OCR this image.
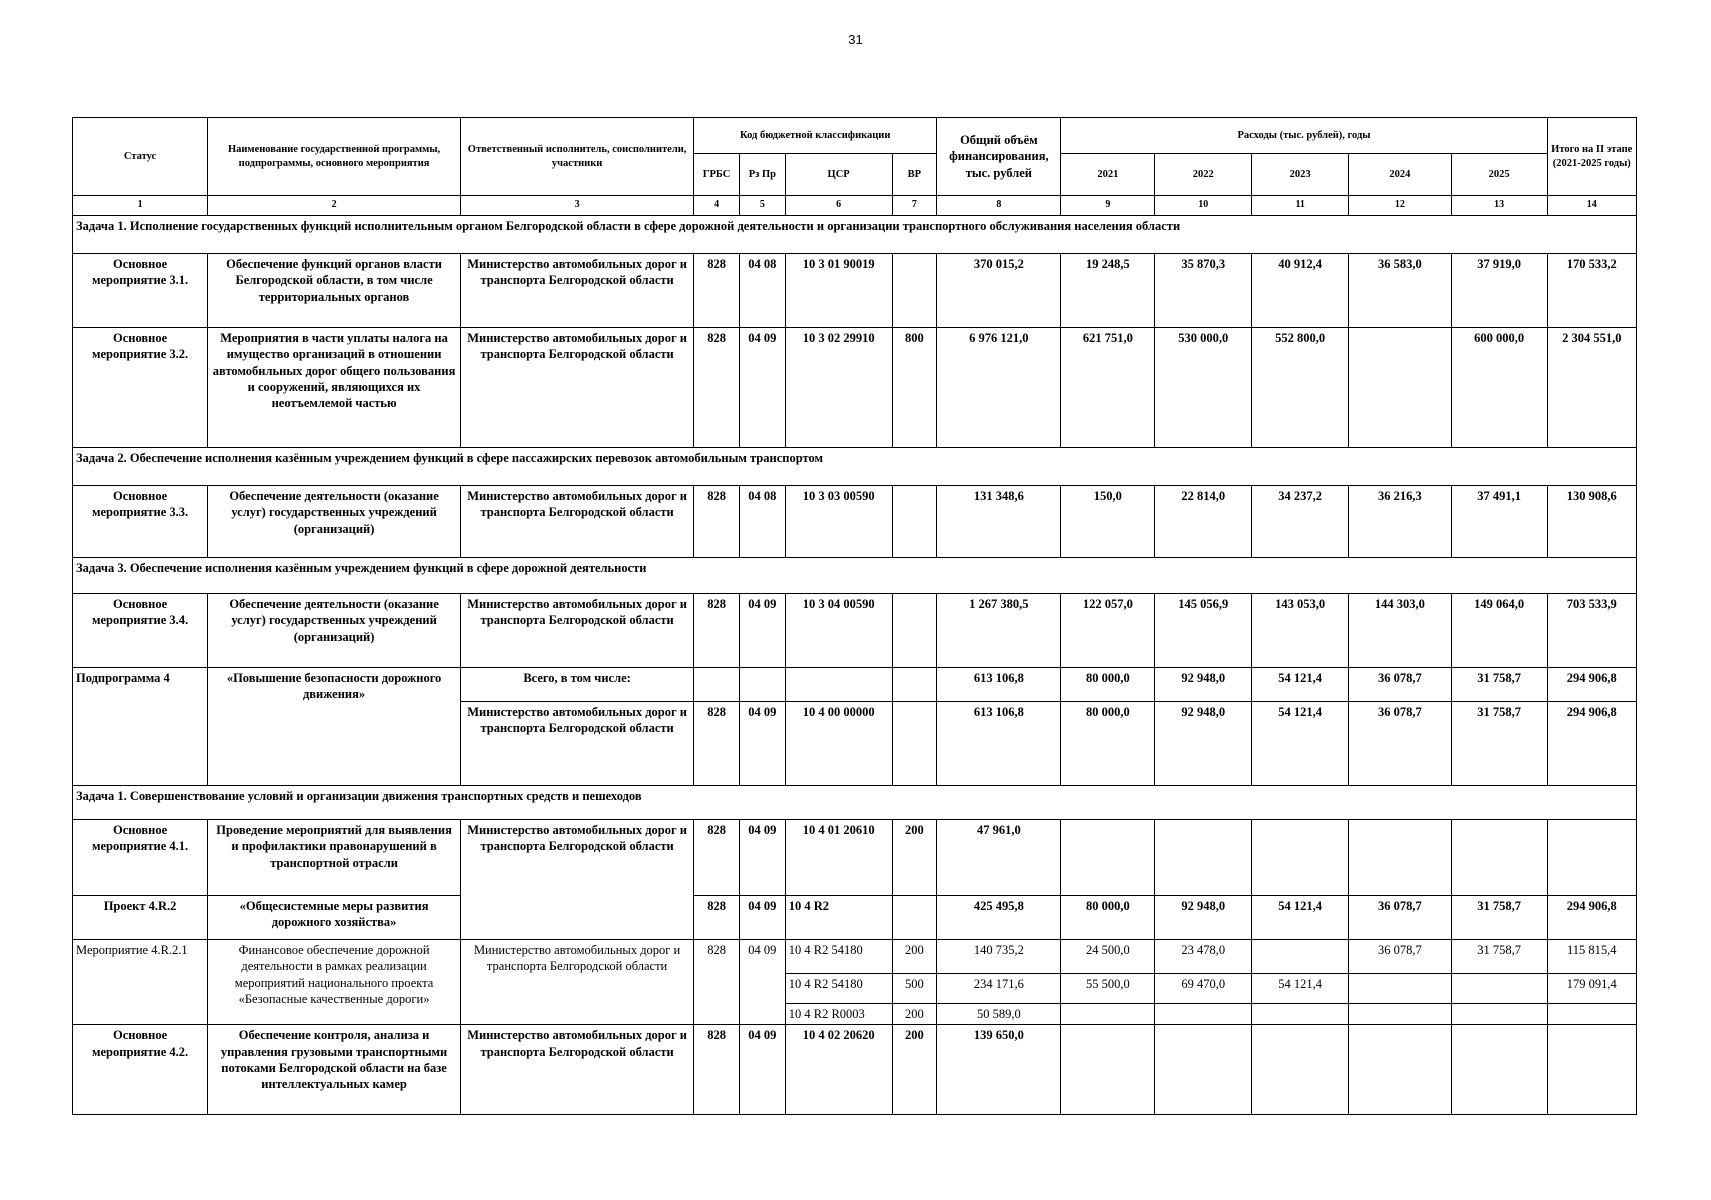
31
Статус	Наименование государственной программы, подпрограммы, основного мероприятия	Ответственный исполнитель, соисполнители, участники	Код бюджетной классификации				Общий объём финансирования, тыс. рублей	Расходы (тыс. рублей), годы					Итого на II этапе (2021-2025 годы)
			ГРБС	Рз Пр	ЦСР	ВР		2021	2022	2023	2024	2025	
1	2	3	4	5	6	7	8	9	10	11	12	13	14
Задача 1. Исполнение государственных функций исполнительным органом Белгородской области в сфере дорожной деятельности и организации транспортного обслуживания населения области													
Основное мероприятие 3.1.	Обеспечение функций органов власти Белгородской области, в том числе территориальных органов	Министерство автомобильных дорог и транспорта Белгородской области	828	04 08	10 3 01 90019		370 015,2	19 248,5	35 870,3	40 912,4	36 583,0	37 919,0	170 533,2
Основное мероприятие 3.2.	Мероприятия в части уплаты налога на имущество организаций в отношении автомобильных дорог общего пользования и сооружений, являющихся их неотъемлемой частью	Министерство автомобильных дорог и транспорта Белгородской области	828	04 09	10 3 02 29910	800	6 976 121,0	621 751,0	530 000,0	552 800,0		600 000,0	2 304 551,0
Задача 2. Обеспечение исполнения казённым учреждением функций в сфере пассажирских перевозок автомобильным транспортом													
Основное мероприятие 3.3.	Обеспечение деятельности (оказание услуг) государственных учреждений (организаций)	Министерство автомобильных дорог и транспорта Белгородской области	828	04 08	10 3 03 00590		131 348,6	150,0	22 814,0	34 237,2	36 216,3	37 491,1	130 908,6
Задача 3. Обеспечение исполнения казённым учреждением функций в сфере дорожной деятельности													
Основное мероприятие 3.4.	Обеспечение деятельности (оказание услуг) государственных учреждений (организаций)	Министерство автомобильных дорог и транспорта Белгородской области	828	04 09	10 3 04 00590		1 267 380,5	122 057,0	145 056,9	143 053,0	144 303,0	149 064,0	703 533,9
Подпрограмма 4	«Повышение безопасности дорожного движения»	Всего, в том числе:					613 106,8	80 000,0	92 948,0	54 121,4	36 078,7	31 758,7	294 906,8
		Министерство автомобильных дорог и транспорта Белгородской области	828	04 09	10 4 00 00000		613 106,8	80 000,0	92 948,0	54 121,4	36 078,7	31 758,7	294 906,8
Задача 1. Совершенствование условий и организации движения транспортных средств и пешеходов													
Основное мероприятие 4.1.	Проведение мероприятий для выявления и профилактики правонарушений в транспортной отрасли	Министерство автомобильных дорог и транспорта Белгородской области	828	04 09	10 4 01 20610	200	47 961,0						
Проект 4.R.2	«Общесистемные меры развития дорожного хозяйства»		828	04 09	10 4 R2		425 495,8	80 000,0	92 948,0	54 121,4	36 078,7	31 758,7	294 906,8
Мероприятие 4.R.2.1	Финансовое обеспечение дорожной деятельности в рамках реализации мероприятий национального проекта «Безопасные качественные дороги»	Министерство автомобильных дорог и транспорта Белгородской области	828	04 09	10 4 R2 54180	200	140 735,2	24 500,0	23 478,0		36 078,7	31 758,7	115 815,4
					10 4 R2 54180	500	234 171,6	55 500,0	69 470,0	54 121,4			179 091,4
					10 4 R2 R0003	200	50 589,0						
Основное мероприятие 4.2.	Обеспечение контроля, анализа и управления грузовыми транспортными потоками Белгородской области на базе интеллектуальных камер	Министерство автомобильных дорог и транспорта Белгородской области	828	04 09	10 4 02 20620	200	139 650,0						
